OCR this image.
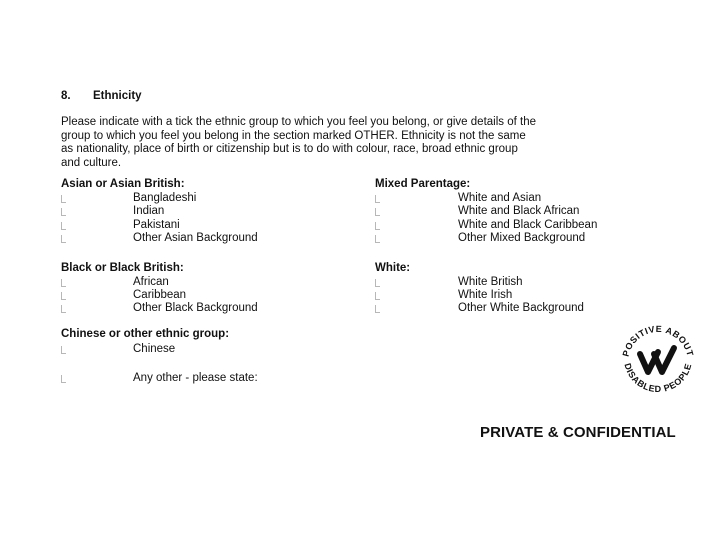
8. Ethnicity
Please indicate with a tick the ethnic group to which you feel you belong, or give details of the
group to which you feel you belong in the section marked OTHER. Ethnicity is not the same
as nationality, place of birth or citizenship but is to do with colour, race, broad ethnic group
and culture.
Asian or Asian British:
Bangladeshi
Indian
Pakistani
Other Asian Background
Mixed Parentage:
White and Asian
White and Black African
White and Black Caribbean
Other Mixed Background
Black or Black British:
African
Caribbean
Other Black Background
White:
White British
White Irish
Other White Background
Chinese or other ethnic group:
Chinese
Any other - please state:
POSITIVE ABOUT
DISABLED PEOPLE
PRIVATE & CONFIDENTIAL
